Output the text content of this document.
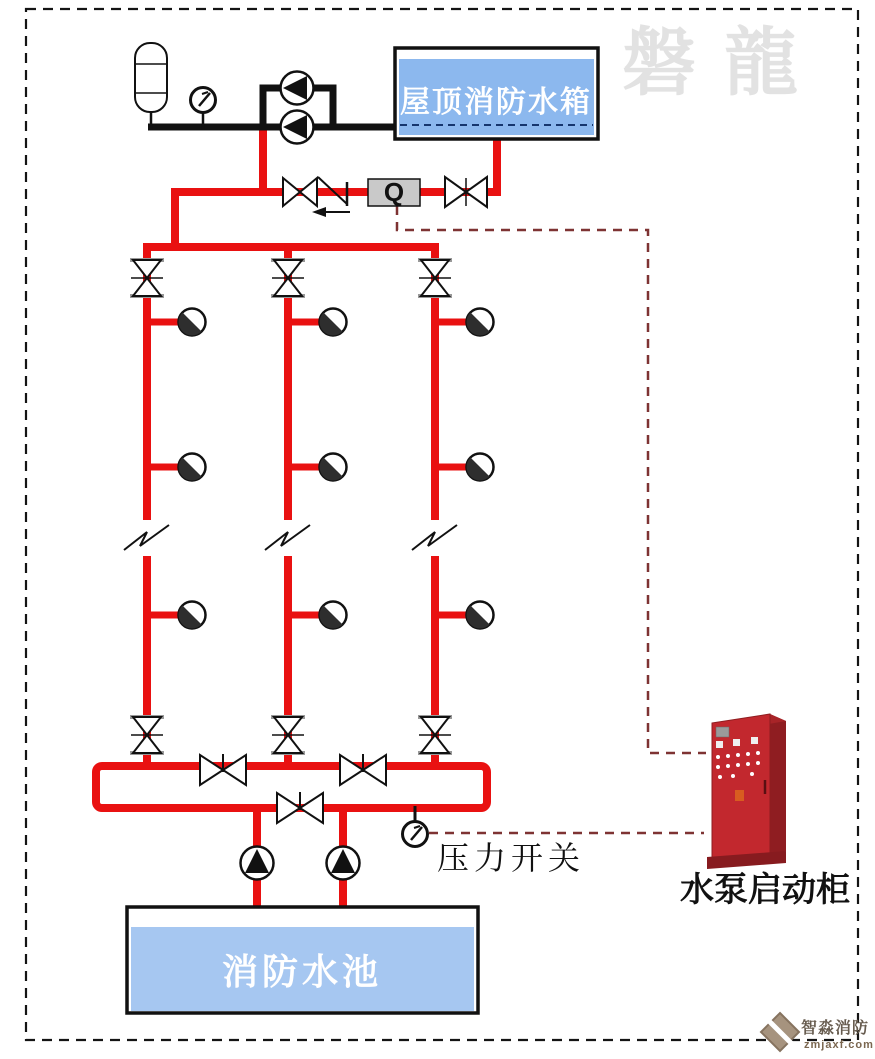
磐龍
屋顶消防水箱
Q
压力开关
消防水池
水泵启动柜
智淼消防
zmjaxf.com
